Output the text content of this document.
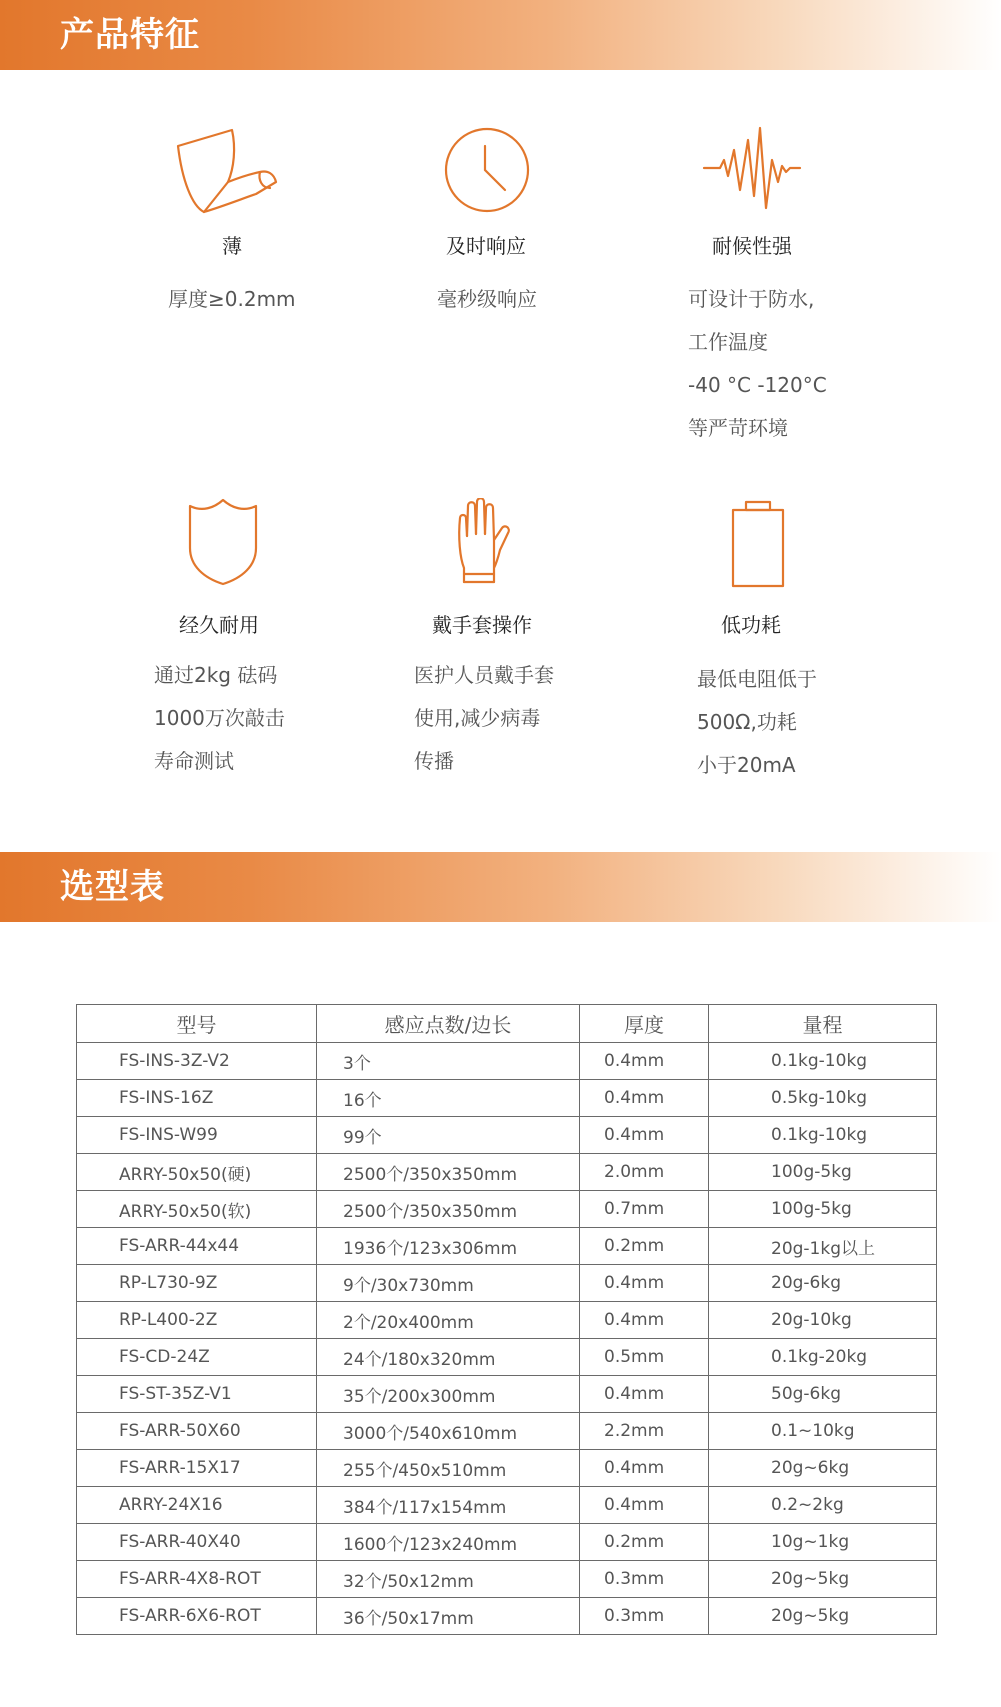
产品特征
薄
厚度≥0.2mm
及时响应
毫秒级响应
耐候性强
可设计于防水,
工作温度
-40 °C -120°C
等严苛环境
经久耐用
通过2kg 砝码
1000万次敲击
寿命测试
戴手套操作
医护人员戴手套
使用,减少病毒
传播
低功耗
最低电阻低于
500Ω,功耗
小于20mA
选型表
型号	感应点数/边长	厚度	量程
FS-INS-3Z-V2	3个	0.4mm	0.1kg-10kg
FS-INS-16Z	16个	0.4mm	0.5kg-10kg
FS-INS-W99	99个	0.4mm	0.1kg-10kg
ARRY-50x50(硬)	2500个/350x350mm	2.0mm	100g-5kg
ARRY-50x50(软)	2500个/350x350mm	0.7mm	100g-5kg
FS-ARR-44x44	1936个/123x306mm	0.2mm	20g-1kg以上
RP-L730-9Z	9个/30x730mm	0.4mm	20g-6kg
RP-L400-2Z	2个/20x400mm	0.4mm	20g-10kg
FS-CD-24Z	24个/180x320mm	0.5mm	0.1kg-20kg
FS-ST-35Z-V1	35个/200x300mm	0.4mm	50g-6kg
FS-ARR-50X60	3000个/540x610mm	2.2mm	0.1~10kg
FS-ARR-15X17	255个/450x510mm	0.4mm	20g~6kg
ARRY-24X16	384个/117x154mm	0.4mm	0.2~2kg
FS-ARR-40X40	1600个/123x240mm	0.2mm	10g~1kg
FS-ARR-4X8-ROT	32个/50x12mm	0.3mm	20g~5kg
FS-ARR-6X6-ROT	36个/50x17mm	0.3mm	20g~5kg
